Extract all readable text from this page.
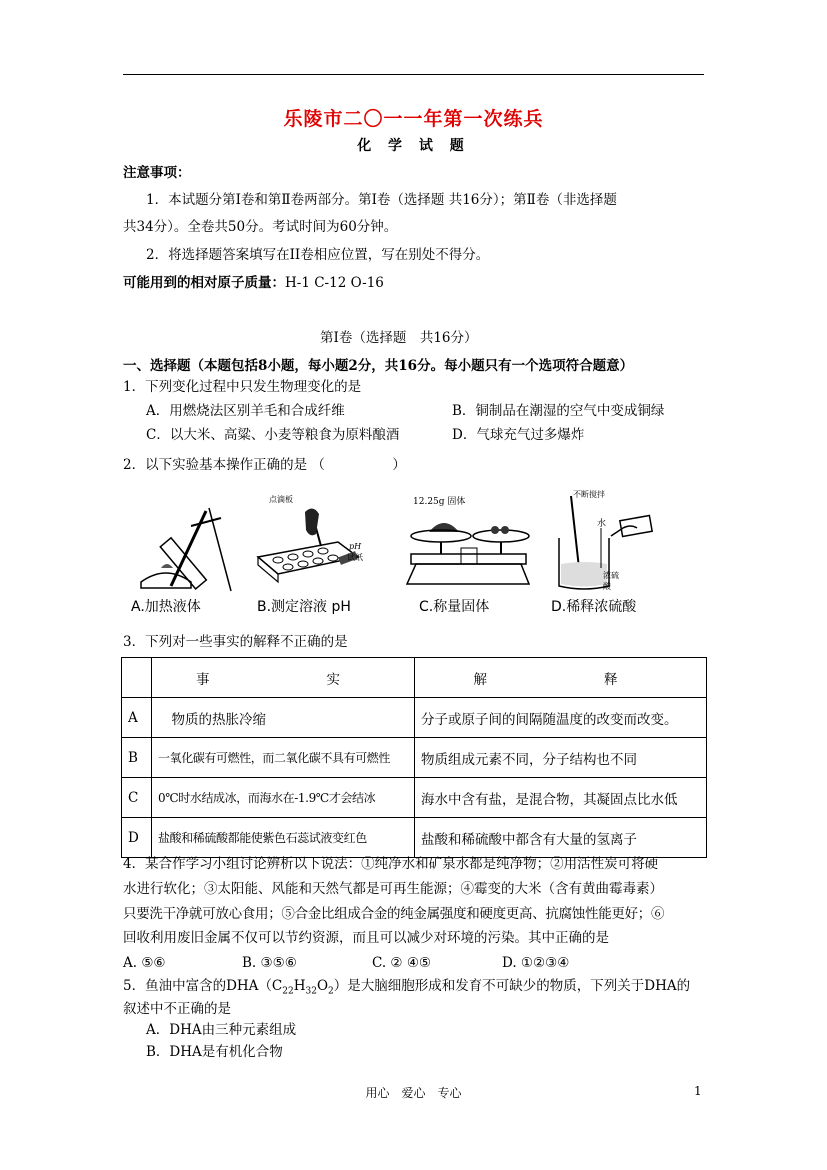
乐陵市二〇一一年第一次练兵
化 学 试 题
注意事项：
1．本试题分第Ⅰ卷和第Ⅱ卷两部分。第Ⅰ卷（选择题 共16分）；第Ⅱ卷（非选择题
共34分）。全卷共50分。考试时间为60分钟。
2．将选择题答案填写在II卷相应位置，写在别处不得分。
可能用到的相对原子质量：H-1 C-12 O-16
第Ⅰ卷（选择题　共16分）
一、选择题（本题包括8小题，每小题2分，共16分。每小题只有一个选项符合题意）
1．下列变化过程中只发生物理变化的是
A．用燃烧法区别羊毛和合成纤维	B．铜制品在潮湿的空气中变成铜绿
C．以大米、高粱、小麦等粮食为原料酿酒	D．气球充气过多爆炸
2．以下实验基本操作正确的是 （　　　　　）
A.加热液体
点滴板
pH
试纸
B.测定溶液 pH
12.25g 固体
C.称量固体
不断搅拌
水
浓硫酸
D.稀释浓硫酸
3．下列对一些事实的解释不正确的是
	事　　实	解　　释
A	　物质的热胀冷缩	分子或原子间的间隔随温度的改变而改变。
B	一氧化碳有可燃性，而二氧化碳不具有可燃性	物质组成元素不同，分子结构也不同
C	0℃时水结成冰，而海水在-1.9℃才会结冰	海水中含有盐，是混合物，其凝固点比水低
D	盐酸和稀硫酸都能使紫色石蕊试液变红色	盐酸和稀硫酸中都含有大量的氢离子
4．某合作学习小组讨论辨析以下说法：①纯净水和矿泉水都是纯净物；②用活性炭可将硬
水进行软化；③太阳能、风能和天然气都是可再生能源；④霉变的大米（含有黄曲霉毒素）
只要洗干净就可放心食用；⑤合金比组成合金的纯金属强度和硬度更高、抗腐蚀性能更好；⑥
回收利用废旧金属不仅可以节约资源，而且可以减少对环境的污染。其中正确的是
A. ⑤⑥	B. ③⑤⑥	C. ② ④⑤	D. ①②③④
5．鱼油中富含的$DHA(C_{22}H_{32}O_2)$是大脑细胞形成和发育不可缺少的物质，下列关于DHA的
叙述中不正确的是
A．DHA由三种元素组成
B．DHA是有机化合物
用心　爱心　专心	1
